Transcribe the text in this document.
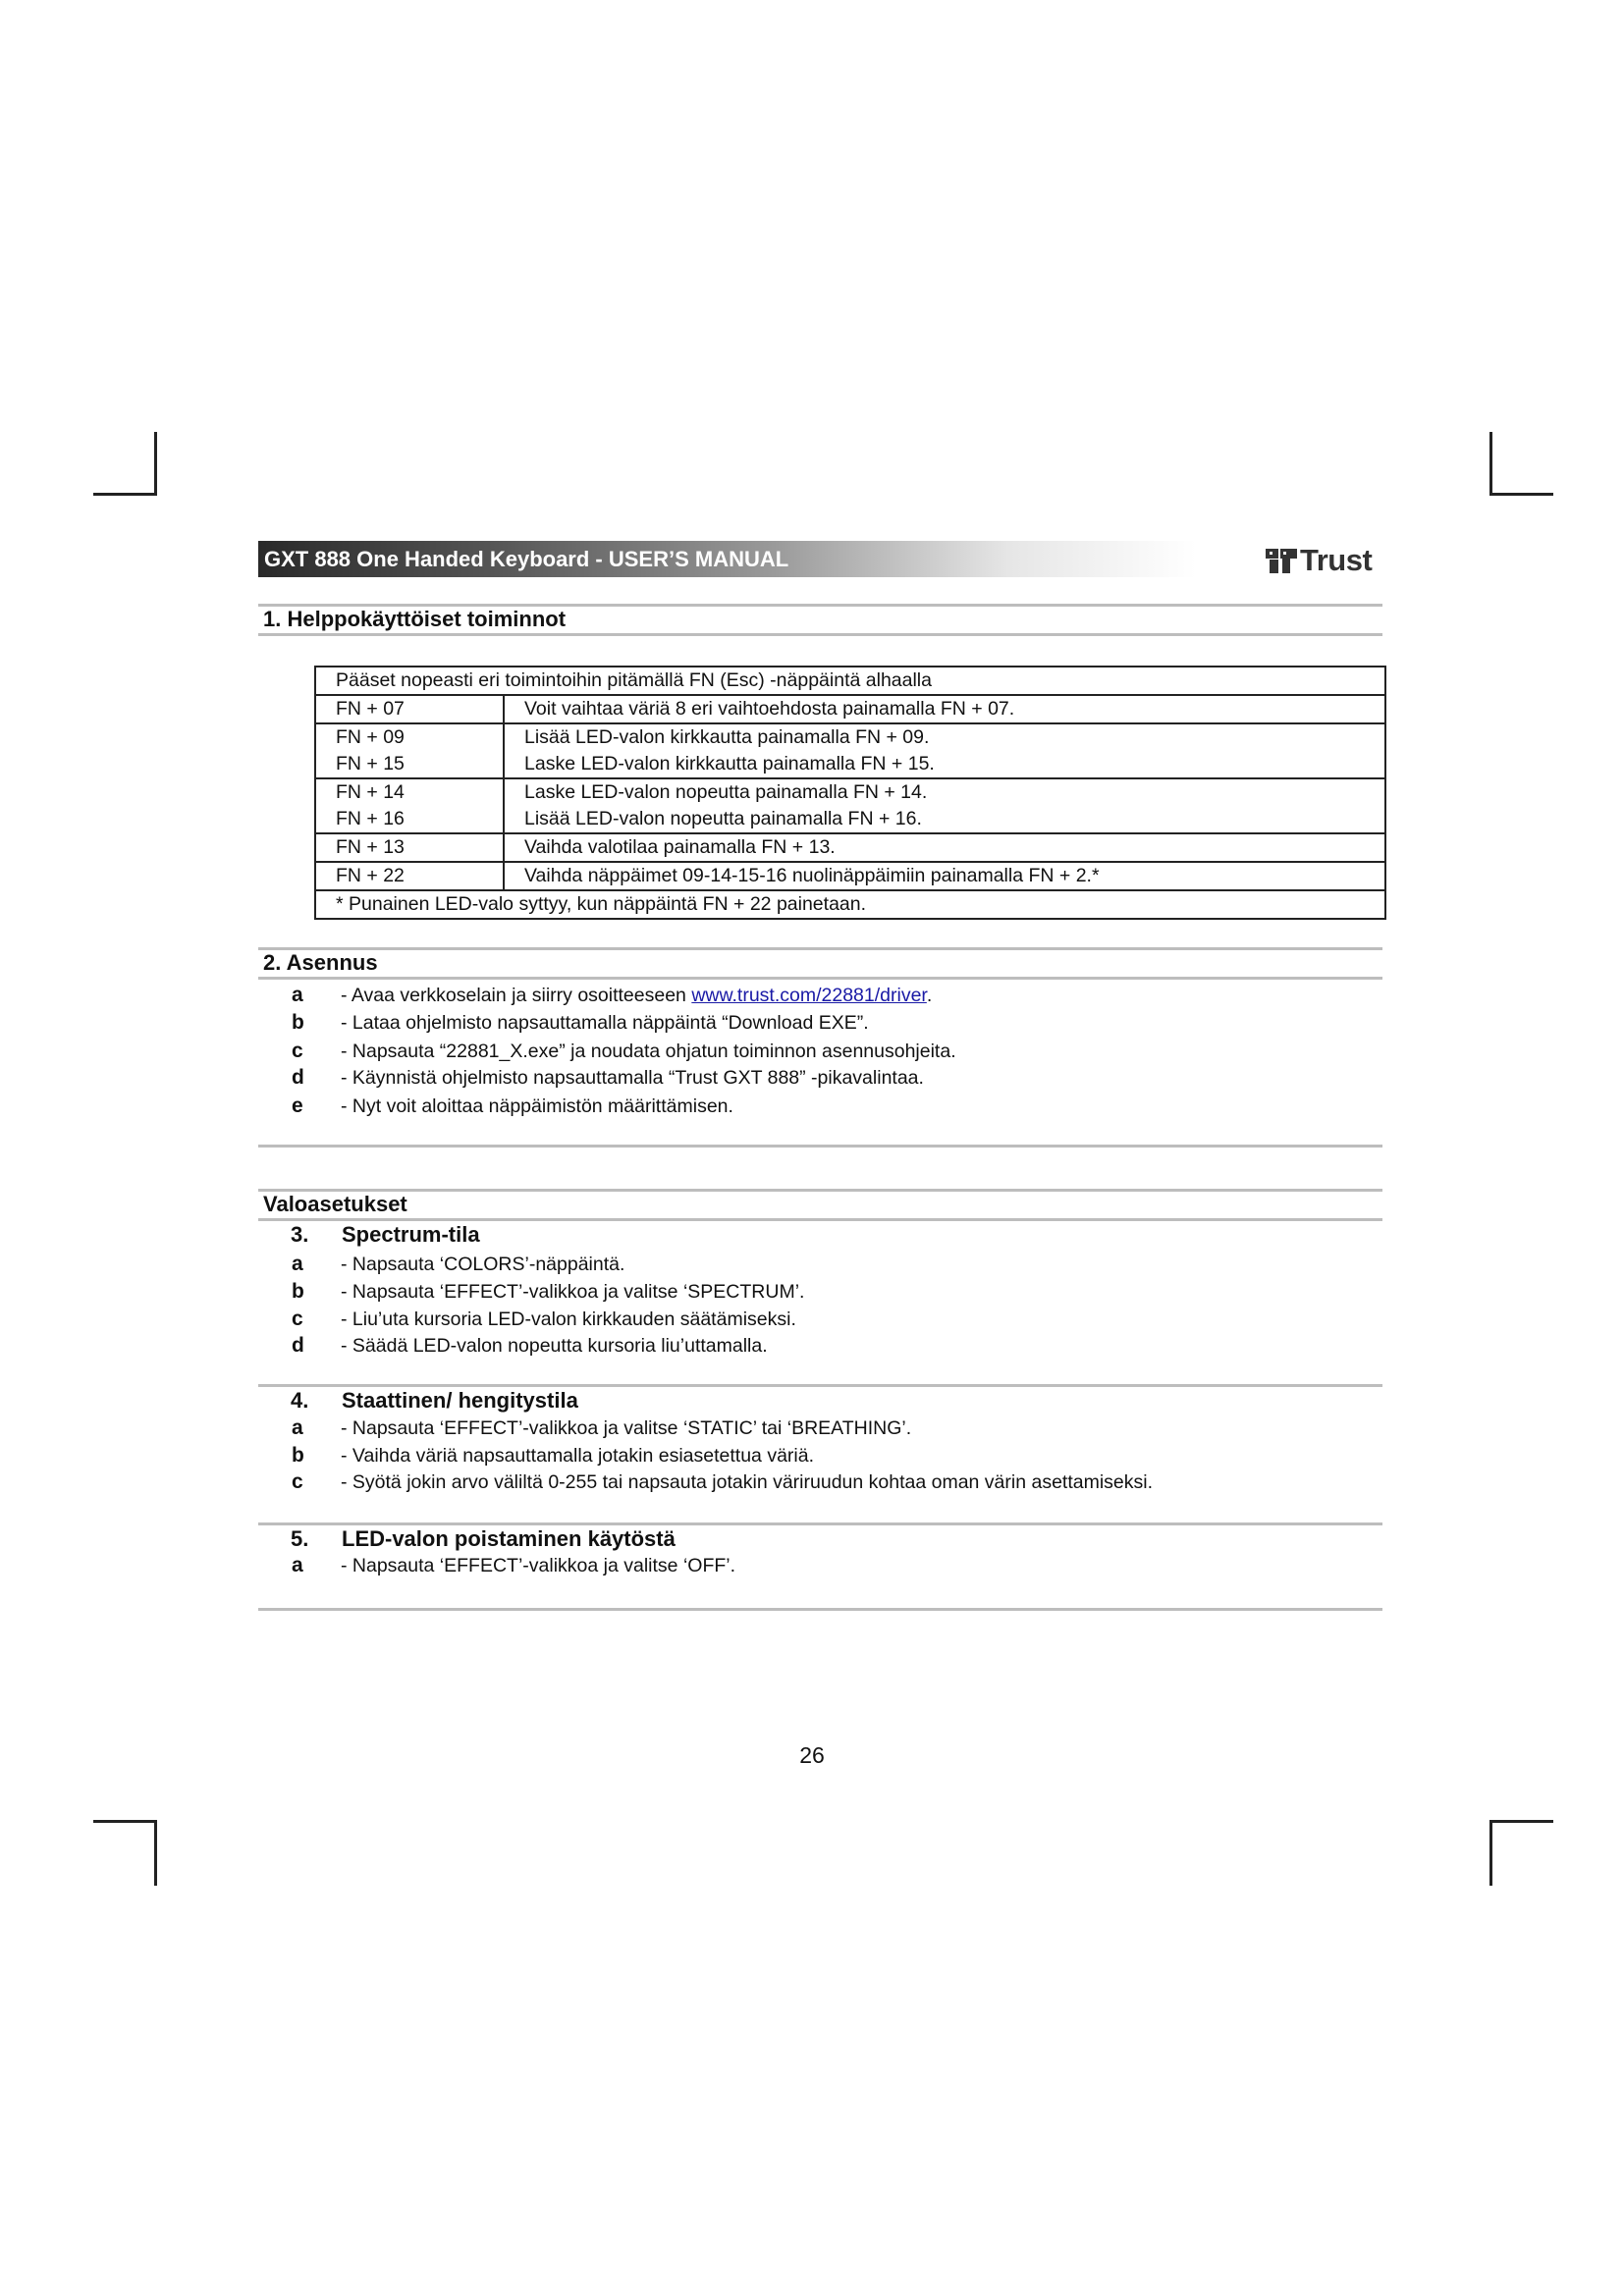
GXT 888 One Handed Keyboard - USER’S MANUAL	Trust
1. Helppokäyttöiset toiminnot
Pääset nopeasti eri toimintoihin pitämällä FN (Esc) -näppäintä alhaalla	
FN + 07	Voit vaihtaa väriä 8 eri vaihtoehdosta painamalla FN + 07.
FN + 09	Lisää LED-valon kirkkautta painamalla FN + 09.
FN + 15	Laske LED-valon kirkkautta painamalla FN + 15.
FN + 14	Laske LED-valon nopeutta painamalla FN + 14.
FN + 16	Lisää LED-valon nopeutta painamalla FN + 16.
FN + 13	Vaihda valotilaa painamalla FN + 13.
FN + 22	Vaihda näppäimet 09-14-15-16 nuolinäppäimiin painamalla FN + 2.*
* Punainen LED-valo syttyy, kun näppäintä FN + 22 painetaan.	
2. Asennus
a - Avaa verkkoselain ja siirry osoitteeseen www.trust.com/22881/driver.
b - Lataa ohjelmisto napsauttamalla näppäintä “Download EXE”.
c - Napsauta “22881_X.exe” ja noudata ohjatun toiminnon asennusohjeita.
d - Käynnistä ohjelmisto napsauttamalla “Trust GXT 888” -pikavalintaa.
e - Nyt voit aloittaa näppäimistön määrittämisen.
Valoasetukset
3. Spectrum-tila
a - Napsauta ‘COLORS’-näppäintä.
b - Napsauta ‘EFFECT’-valikkoa ja valitse ‘SPECTRUM’.
c - Liu’uta kursoria LED-valon kirkkauden säätämiseksi.
d - Säädä LED-valon nopeutta kursoria liu’uttamalla.
4. Staattinen/ hengitystila
a - Napsauta ‘EFFECT’-valikkoa ja valitse ‘STATIC’ tai ‘BREATHING’.
b - Vaihda väriä napsauttamalla jotakin esiasetettua väriä.
c - Syötä jokin arvo väliltä 0-255 tai napsauta jotakin väriruudun kohtaa oman värin asettamiseksi.
5. LED-valon poistaminen käytöstä
a - Napsauta ‘EFFECT’-valikkoa ja valitse ‘OFF’.
26
